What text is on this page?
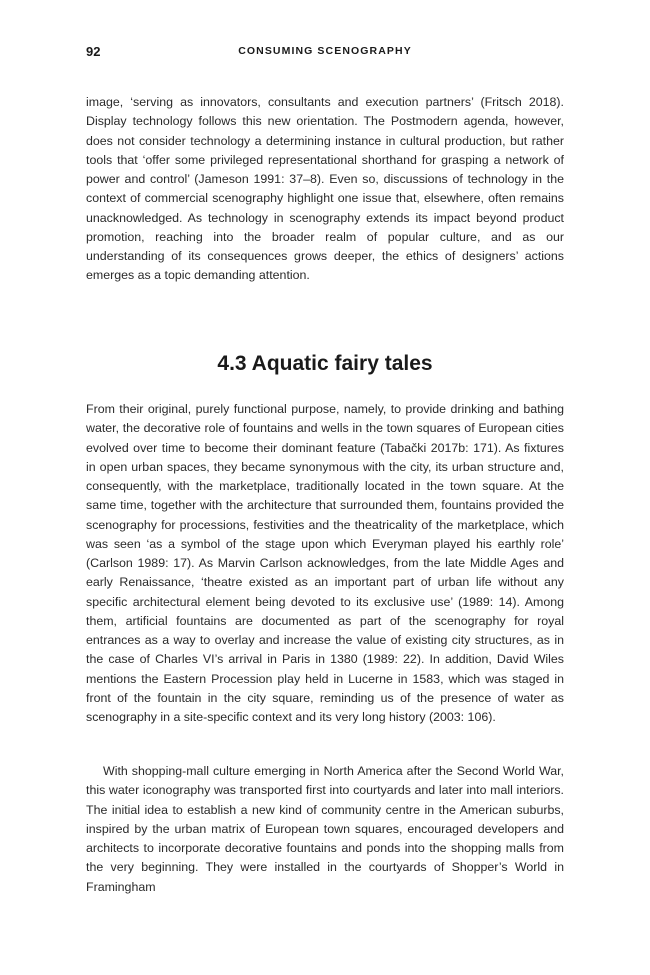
92	CONSUMING SCENOGRAPHY

image, ‘serving as innovators, consultants and execution partners’ (Fritsch 2018). Display technology follows this new orientation. The Postmodern agenda, however, does not consider technology a determining instance in cultural production, but rather tools that ‘offer some privileged representational shorthand for grasping a network of power and control’ (Jameson 1991: 37–8). Even so, discussions of technology in the context of commercial scenography highlight one issue that, elsewhere, often remains unacknowledged. As technology in scenography extends its impact beyond product promotion, reaching into the broader realm of popular culture, and as our understanding of its consequences grows deeper, the ethics of designers’ actions emerges as a topic demanding attention.

4.3 Aquatic fairy tales

From their original, purely functional purpose, namely, to provide drinking and bathing water, the decorative role of fountains and wells in the town squares of European cities evolved over time to become their dominant feature (Tabački 2017b: 171). As fixtures in open urban spaces, they became synonymous with the city, its urban structure and, consequently, with the marketplace, traditionally located in the town square. At the same time, together with the architecture that surrounded them, fountains provided the scenography for processions, festivities and the theatricality of the marketplace, which was seen ‘as a symbol of the stage upon which Everyman played his earthly role’ (Carlson 1989: 17). As Marvin Carlson acknowledges, from the late Middle Ages and early Renaissance, ‘theatre existed as an important part of urban life without any specific architectural element being devoted to its exclusive use’ (1989: 14). Among them, artificial fountains are documented as part of the scenography for royal entrances as a way to overlay and increase the value of existing city structures, as in the case of Charles VI’s arrival in Paris in 1380 (1989: 22). In addition, David Wiles mentions the Eastern Procession play held in Lucerne in 1583, which was staged in front of the fountain in the city square, reminding us of the presence of water as scenography in a site-specific context and its very long history (2003: 106).

With shopping-mall culture emerging in North America after the Second World War, this water iconography was transported first into courtyards and later into mall interiors. The initial idea to establish a new kind of community centre in the American suburbs, inspired by the urban matrix of European town squares, encouraged developers and architects to incorporate decorative fountains and ponds into the shopping malls from the very beginning. They were installed in the courtyards of Shopper’s World in Framingham
